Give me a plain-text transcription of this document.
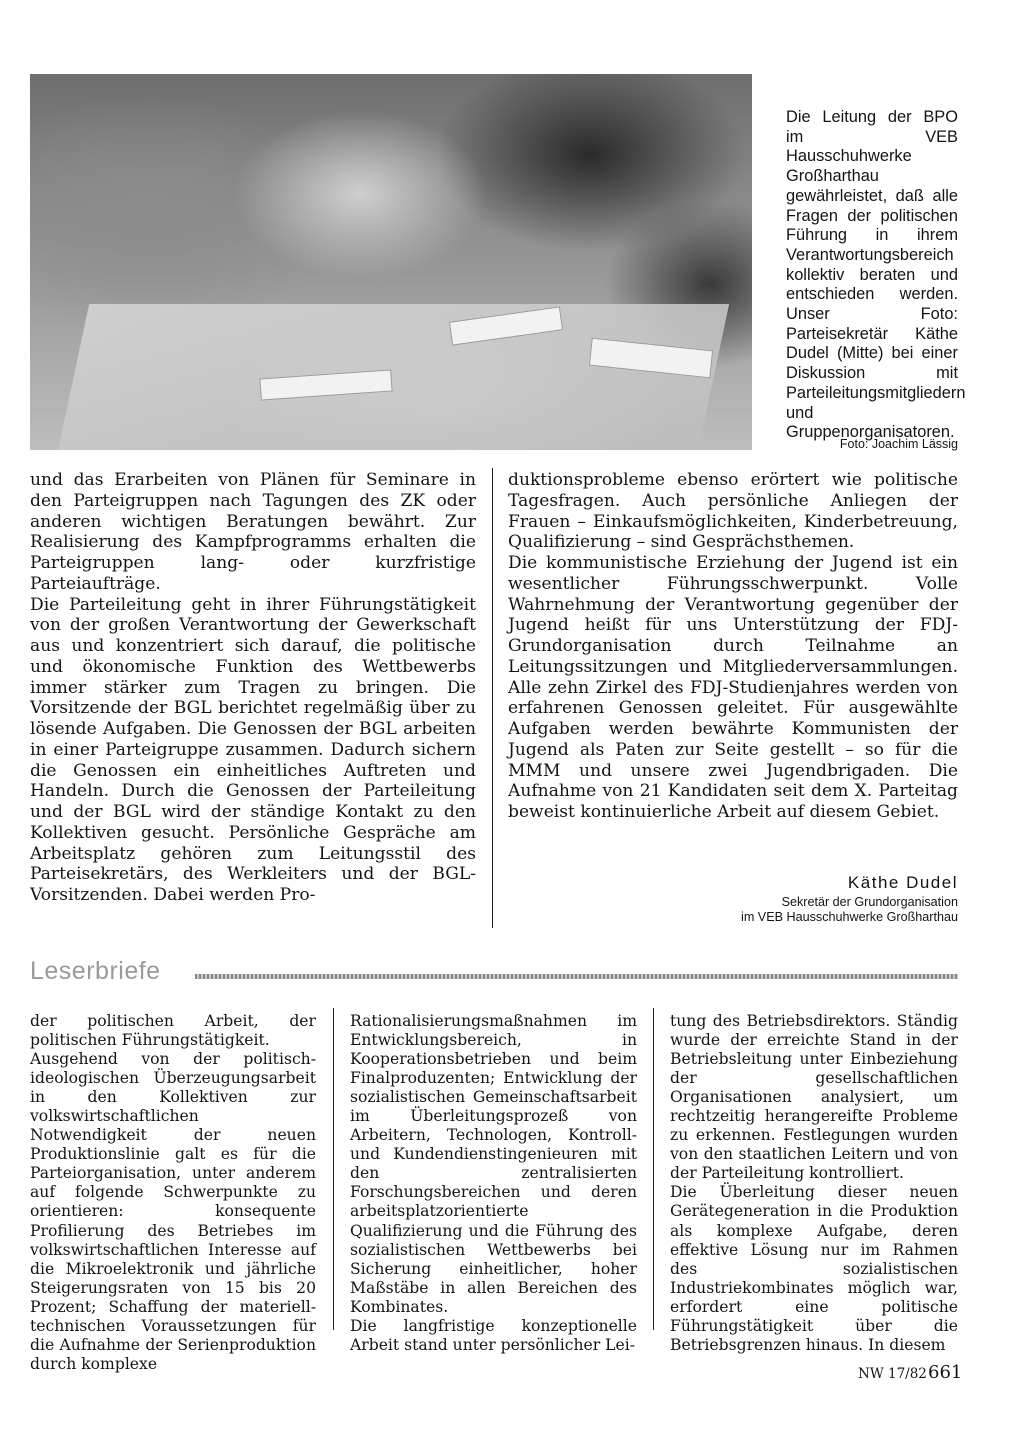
Die Leitung der BPO im VEB Hausschuhwerke Großharthau gewährleistet, daß alle Fragen der politischen Führung in ihrem Verantwortungsbereich kollektiv beraten und entschieden werden. Unser Foto: Parteisekretär Käthe Dudel (Mitte) bei einer Diskussion mit Parteileitungsmitgliedern und Gruppenorganisatoren.
Foto: Joachim Lässig

und das Erarbeiten von Plänen für Seminare in den Parteigruppen nach Tagungen des ZK oder anderen wichtigen Beratungen bewährt. Zur Realisierung des Kampfprogramms erhalten die Parteigruppen lang- oder kurzfristige Parteiaufträge.

Die Parteileitung geht in ihrer Führungstätigkeit von der großen Verantwortung der Gewerkschaft aus und konzentriert sich darauf, die politische und ökonomische Funktion des Wettbewerbs immer stärker zum Tragen zu bringen. Die Vorsitzende der BGL berichtet regelmäßig über zu lösende Aufgaben. Die Genossen der BGL arbeiten in einer Parteigruppe zusammen. Dadurch sichern die Genossen ein einheitliches Auftreten und Handeln. Durch die Genossen der Parteileitung und der BGL wird der ständige Kontakt zu den Kollektiven gesucht. Persönliche Gespräche am Arbeitsplatz gehören zum Leitungsstil des Parteisekretärs, des Werkleiters und der BGL-Vorsitzenden. Dabei werden Pro-

duktionsprobleme ebenso erörtert wie politische Tagesfragen. Auch persönliche Anliegen der Frauen – Einkaufsmöglichkeiten, Kinderbetreuung, Qualifizierung – sind Gesprächsthemen.

Die kommunistische Erziehung der Jugend ist ein wesentlicher Führungsschwerpunkt. Volle Wahrnehmung der Verantwortung gegenüber der Jugend heißt für uns Unterstützung der FDJ-Grundorganisation durch Teilnahme an Leitungssitzungen und Mitgliederversammlungen. Alle zehn Zirkel des FDJ-Studienjahres werden von erfahrenen Genossen geleitet. Für ausgewählte Aufgaben werden bewährte Kommunisten der Jugend als Paten zur Seite gestellt – so für die MMM und unsere zwei Jugendbrigaden. Die Aufnahme von 21 Kandidaten seit dem X. Parteitag beweist kontinuierliche Arbeit auf diesem Gebiet.

Käthe Dudel

Sekretär der Grundorganisation

im VEB Hausschuhwerke Großharthau

Leserbriefe

der politischen Arbeit, der politischen Führungstätigkeit.

Ausgehend von der politisch-ideologischen Überzeugungsarbeit in den Kollektiven zur volkswirtschaftlichen Notwendigkeit der neuen Produktionslinie galt es für die Parteiorganisation, unter anderem auf folgende Schwerpunkte zu orientieren: konsequente Profilierung des Betriebes im volkswirtschaftlichen Interesse auf die Mikroelektronik und jährliche Steigerungsraten von 15 bis 20 Prozent; Schaffung der materiell-technischen Voraussetzungen für die Aufnahme der Serienproduktion durch komplexe

Rationalisierungsmaßnahmen im Entwicklungsbereich, in Kooperationsbetrieben und beim Finalproduzenten; Entwicklung der sozialistischen Gemeinschaftsarbeit im Überleitungsprozeß von Arbeitern, Technologen, Kontroll- und Kundendienstingenieuren mit den zentralisierten Forschungsbereichen und deren arbeitsplatzorientierte Qualifizierung und die Führung des sozialistischen Wettbewerbs bei Sicherung einheitlicher, hoher Maßstäbe in allen Bereichen des Kombinates.

Die langfristige konzeptionelle Arbeit stand unter persönlicher Lei-

tung des Betriebsdirektors. Ständig wurde der erreichte Stand in der Betriebsleitung unter Einbeziehung der gesellschaftlichen Organisationen analysiert, um rechtzeitig herangereifte Probleme zu erkennen. Festlegungen wurden von den staatlichen Leitern und von der Parteileitung kontrolliert.

Die Überleitung dieser neuen Gerätegeneration in die Produktion als komplexe Aufgabe, deren effektive Lösung nur im Rahmen des sozialistischen Industriekombinates möglich war, erfordert eine politische Führungstätigkeit über die Betriebsgrenzen hinaus. In diesem

NW 17/82 661
